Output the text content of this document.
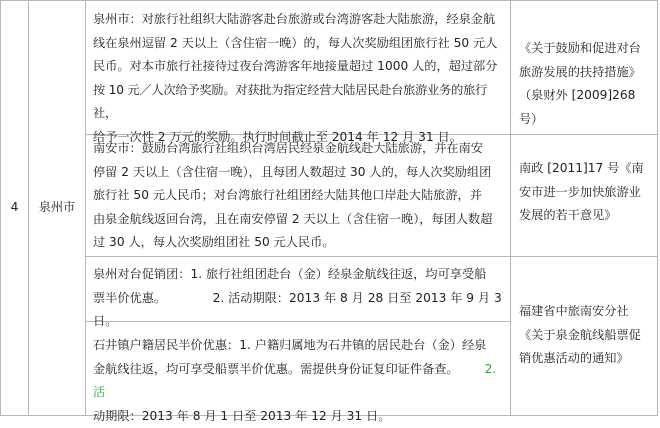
4	泉州市
泉州市：对旅行社组织大陆游客赴台旅游或台湾游客赴大陆旅游，经泉金航
线在泉州逗留 2 天以上（含住宿一晚）的，每人次奖励组团旅行社 50 元人
民币。对本市旅行社接待过夜台湾游客年地接量超过 1000 人的，超过部分
按 10 元／人次给予奖励。对获批为指定经营大陆居民赴台旅游业务的旅行社，
给予一次性 2 万元的奖励。执行时间截止至 2014 年 12 月 31 日。
《关于鼓励和促进对台
旅游发展的扶持措施》
（泉财外 [2009]268 号）
南安市：鼓励台湾旅行社组织台湾居民经泉金航线赴大陆旅游，并在南安
停留 2 天以上（含住宿一晚），且每团人数超过 30 人的，每人次奖励组团
旅行社 50 元人民币；对台湾旅行社组团经大陆其他口岸赴大陆旅游，并
由泉金航线返回台湾，且在南安停留 2 天以上（含住宿一晚），每团人数超
过 30 人，每人次奖励组团社 50 元人民币。
南政 [2011]17 号《南
安市进一步加快旅游业
发展的若干意见》
泉州对台促销团：1. 旅行社组团赴台（金）经泉金航线往返，均可享受船
票半价优惠。            2. 活动期限：2013 年 8 月 28 日至 2013 年 9 月 3 日。
石井镇户籍居民半价优惠：1. 户籍归属地为石井镇的居民赴台（金）经泉
金航线往返，均可享受船票半价优惠。需提供身份证复印证件备查。 2. 活
动期限：2013 年 8 月 1 日至 2013 年 12 月 31 日。
福建省中旅南安分社
《关于泉金航线船票促
销优惠活动的通知》
